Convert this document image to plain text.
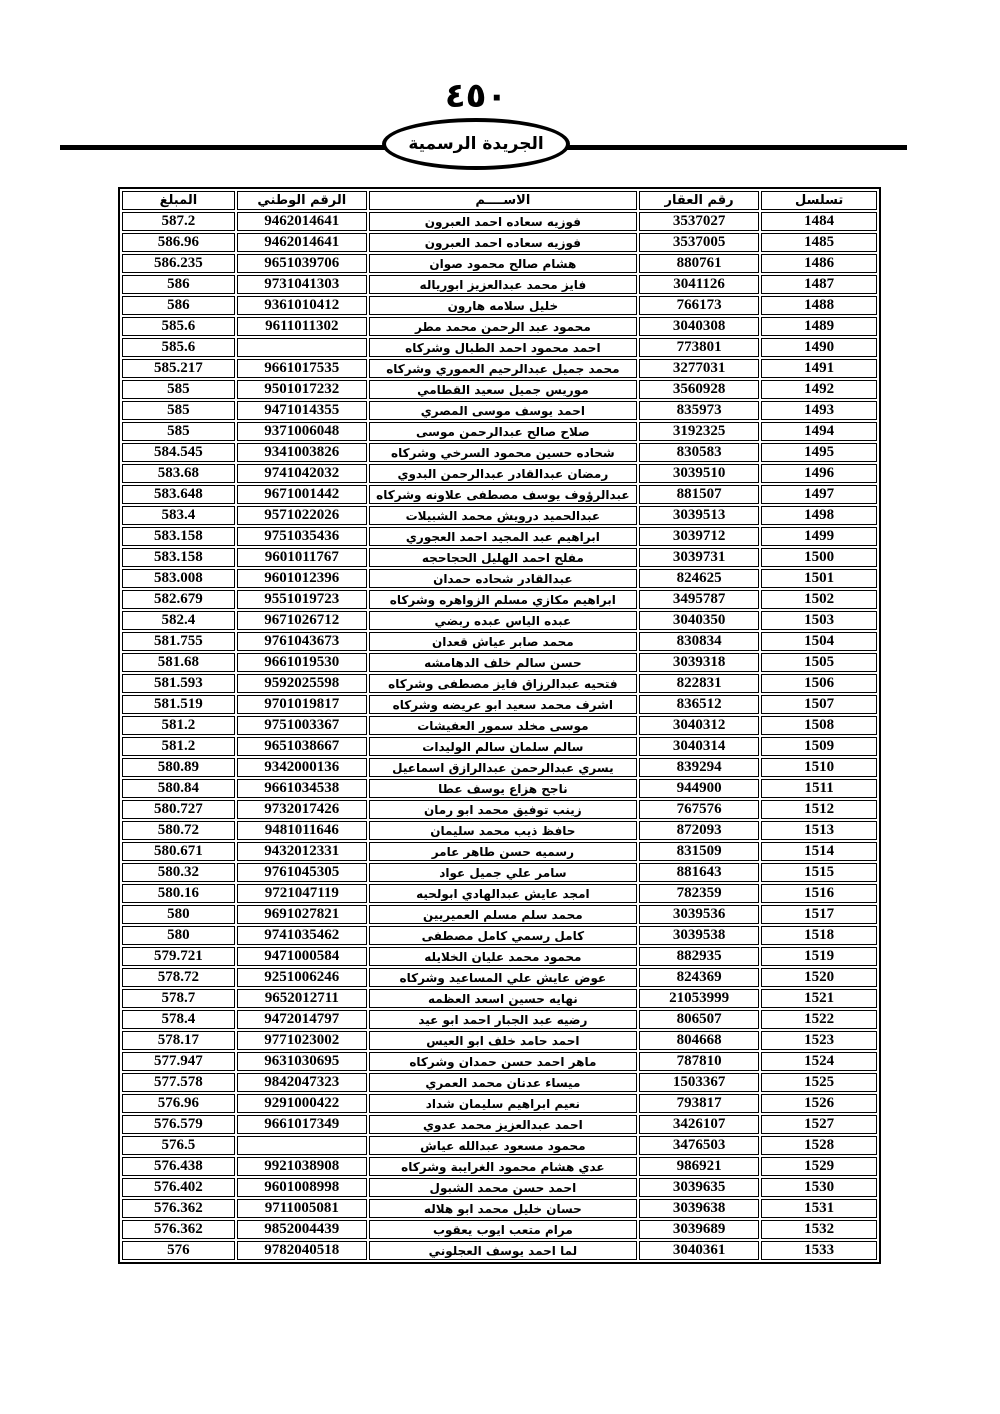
٤٥٠
الجريدة الرسمية
تسلسل	رقم العقار	الاســــم	الرقم الوطني	المبلغ
1484	3537027	فوزيه سعاده احمد العبرون	9462014641	587.2
1485	3537005	فوزيه سعاده احمد العبرون	9462014641	586.96
1486	880761	هشام صالح محمود صوان	9651039706	586.235
1487	3041126	فايز محمد عبدالعزيز ابورياله	9731041303	586
1488	766173	خليل سلامه هارون	9361010412	586
1489	3040308	محمود عبد الرحمن محمد مطر	9611011302	585.6
1490	773801	احمد محمود احمد الطبال وشركاه		585.6
1491	3277031	محمد جميل عبدالرحيم العموري وشركاه	9661017535	585.217
1492	3560928	موريس جميل سعيد القطامي	9501017232	585
1493	835973	احمد يوسف موسى المصري	9471014355	585
1494	3192325	صلاح صالح عبدالرحمن موسى	9371006048	585
1495	830583	شحاده حسين محمود السرخي وشركاه	9341003826	584.545
1496	3039510	رمضان عبدالقادر عبدالرحمن البدوي	9741042032	583.68
1497	881507	عبدالرؤوف يوسف مصطفى علاونه وشركاه	9671001442	583.648
1498	3039513	عبدالحميد درويش محمد الشبيلات	9571022026	583.4
1499	3039712	ابراهيم عبد المجيد احمد العجوري	9751035436	583.158
1500	3039731	مفلح احمد الهليل الحجاحجه	9601011767	583.158
1501	824625	عبدالقادر شحاده حمدان	9601012396	583.008
1502	3495787	ابراهيم مكازي مسلم الزواهره وشركاه	9551019723	582.679
1503	3040350	عبده الياس عبده ربضي	9671026712	582.4
1504	830834	محمد صابر عياش قعدان	9761043673	581.755
1505	3039318	حسن سالم خلف الدهامشه	9661019530	581.68
1506	822831	فتحيه عبدالرزاق فايز مصطفى وشركاه	9592025598	581.593
1507	836512	اشرف محمد سعيد ابو عريضه وشركاه	9701019817	581.519
1508	3040312	موسى مخلد سمور العفيشات	9751003367	581.2
1509	3040314	سالم سلمان سالم الوليدات	9651038667	581.2
1510	839294	يسري عبدالرحمن عبدالرازق اسماعيل	9342000136	580.89
1511	944900	ناجح هزاع يوسف عطا	9661034538	580.84
1512	767576	زينب توفيق محمد ابو رمان	9732017426	580.727
1513	872093	حافظ ذيب محمد سليمان	9481011646	580.72
1514	831509	رسميه حسن طاهر عامر	9432012331	580.671
1515	881643	سامر علي جميل عواد	9761045305	580.32
1516	782359	امجد عايش عبدالهادي ابولحيه	9721047119	580.16
1517	3039536	محمد سلم مسلم العميريين	9691027821	580
1518	3039538	كامل رسمي كامل مصطفى	9741035462	580
1519	882935	محمود محمد عليان الخلايله	9471000584	579.721
1520	824369	عوض عايش علي المساعيد وشركاه	9251006246	578.72
1521	21053999	نهايه حسين اسعد العظمه	9652012711	578.7
1522	806507	رضيه عبد الجبار احمد ابو عيد	9472014797	578.4
1523	804668	احمد حامد خلف ابو العيس	9771023002	578.17
1524	787810	ماهر احمد حسن حمدان وشركاه	9631030695	577.947
1525	1503367	ميساء عدنان محمد العمري	9842047323	577.578
1526	793817	نعيم ابراهيم سليمان شداد	9291000422	576.96
1527	3426107	احمد عبدالعزيز محمد عدوي	9661017349	576.579
1528	3476503	محمود مسعود عبدالله عياش		576.5
1529	986921	عدي هشام محمود الغرايبة وشركاه	9921038908	576.438
1530	3039635	احمد حسن محمد الشبول	9601008998	576.402
1531	3039638	حسان خليل محمد ابو هلاله	9711005081	576.362
1532	3039689	مرام متعب ايوب يعقوب	9852004439	576.362
1533	3040361	لما احمد يوسف العجلوني	9782040518	576
